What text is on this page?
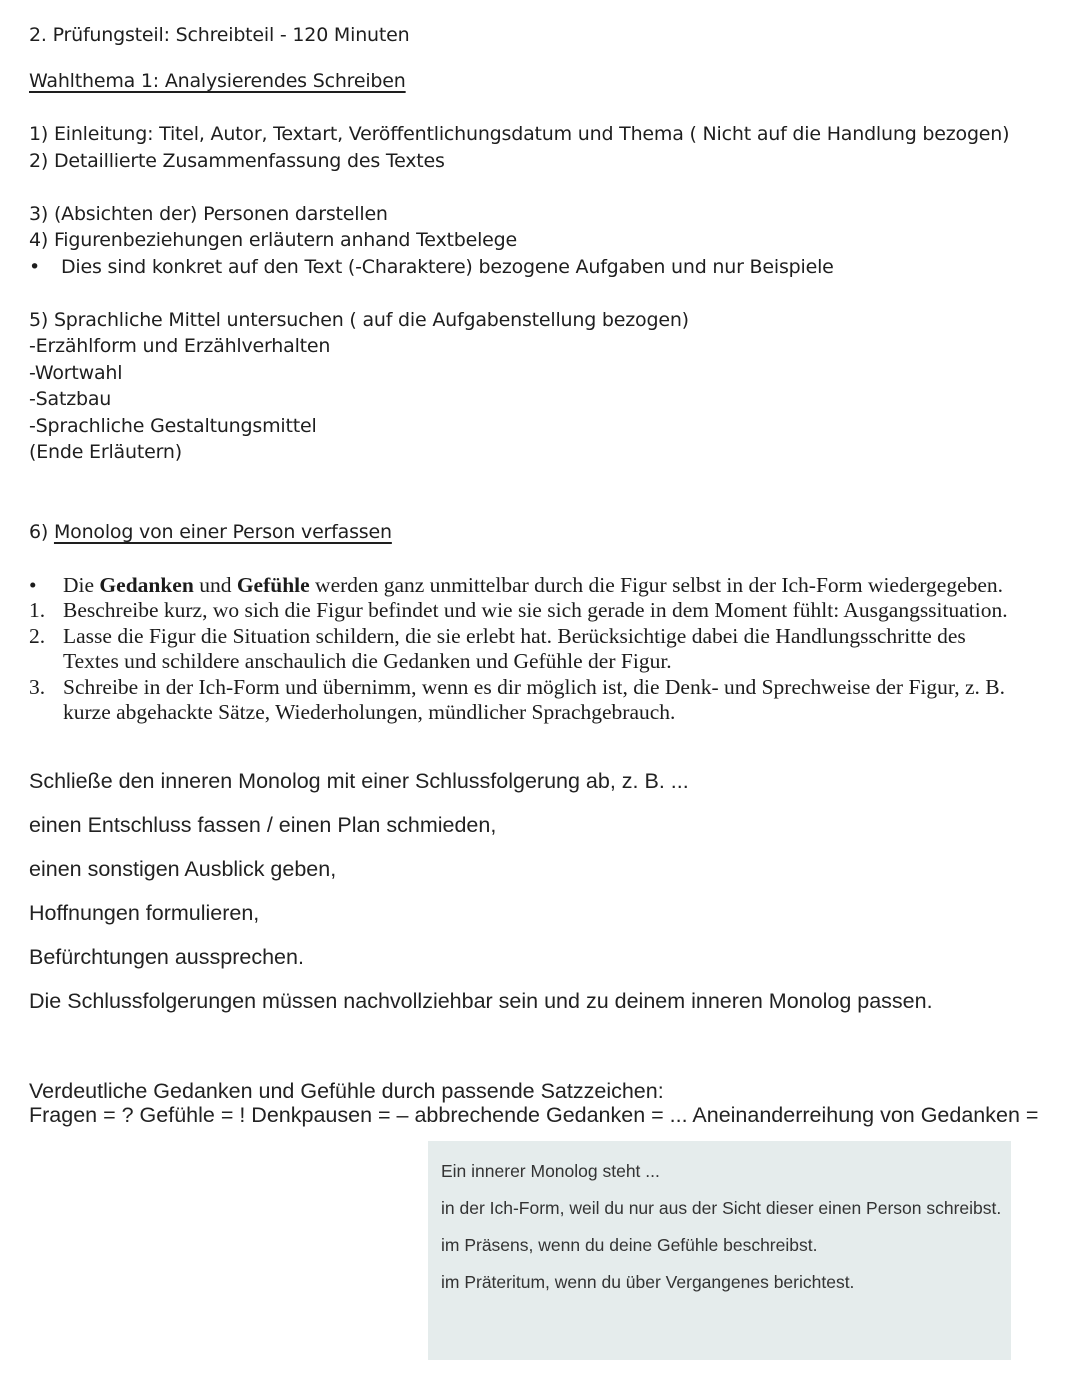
2. Prüfungsteil: Schreibteil - 120 Minuten
Wahlthema 1: Analysierendes Schreiben
1) Einleitung: Titel, Autor, Textart, Veröffentlichungsdatum und Thema ( Nicht auf die Handlung bezogen)
2) Detaillierte Zusammenfassung des Textes
3) (Absichten der) Personen darstellen
4) Figurenbeziehungen erläutern anhand Textbelege
• Dies sind konkret auf den Text (-Charaktere) bezogene Aufgaben und nur Beispiele
5) Sprachliche Mittel untersuchen ( auf die Aufgabenstellung bezogen)
-Erzählform und Erzählverhalten
-Wortwahl
-Satzbau
-Sprachliche Gestaltungsmittel
(Ende Erläutern)
6) Monolog von einer Person verfassen
•	Die Gedanken und Gefühle werden ganz unmittelbar durch die Figur selbst in der Ich-Form wiedergegeben.
1. Beschreibe kurz, wo sich die Figur befindet und wie sie sich gerade in dem Moment fühlt: Ausgangssituation.
2. Lasse die Figur die Situation schildern, die sie erlebt hat. Berücksichtige dabei die Handlungsschritte des
Textes und schildere anschaulich die Gedanken und Gefühle der Figur.
3. Schreibe in der Ich-Form und übernimm, wenn es dir möglich ist, die Denk- und Sprechweise der Figur, z. B.
kurze abgehackte Sätze, Wiederholungen, mündlicher Sprachgebrauch.
Schließe den inneren Monolog mit einer Schlussfolgerung ab, z. B. ...
einen Entschluss fassen / einen Plan schmieden,
einen sonstigen Ausblick geben,
Hoffnungen formulieren,
Befürchtungen aussprechen.
Die Schlussfolgerungen müssen nachvollziehbar sein und zu deinem inneren Monolog passen.
Verdeutliche Gedanken und Gefühle durch passende Satzzeichen:
Fragen = ? Gefühle = ! Denkpausen = – abbrechende Gedanken = ... Aneinanderreihung von Gedanken =
Ein innerer Monolog steht ...
in der Ich-Form, weil du nur aus der Sicht dieser einen Person schreibst.
im Präsens, wenn du deine Gefühle beschreibst.
im Präteritum, wenn du über Vergangenes berichtest.
